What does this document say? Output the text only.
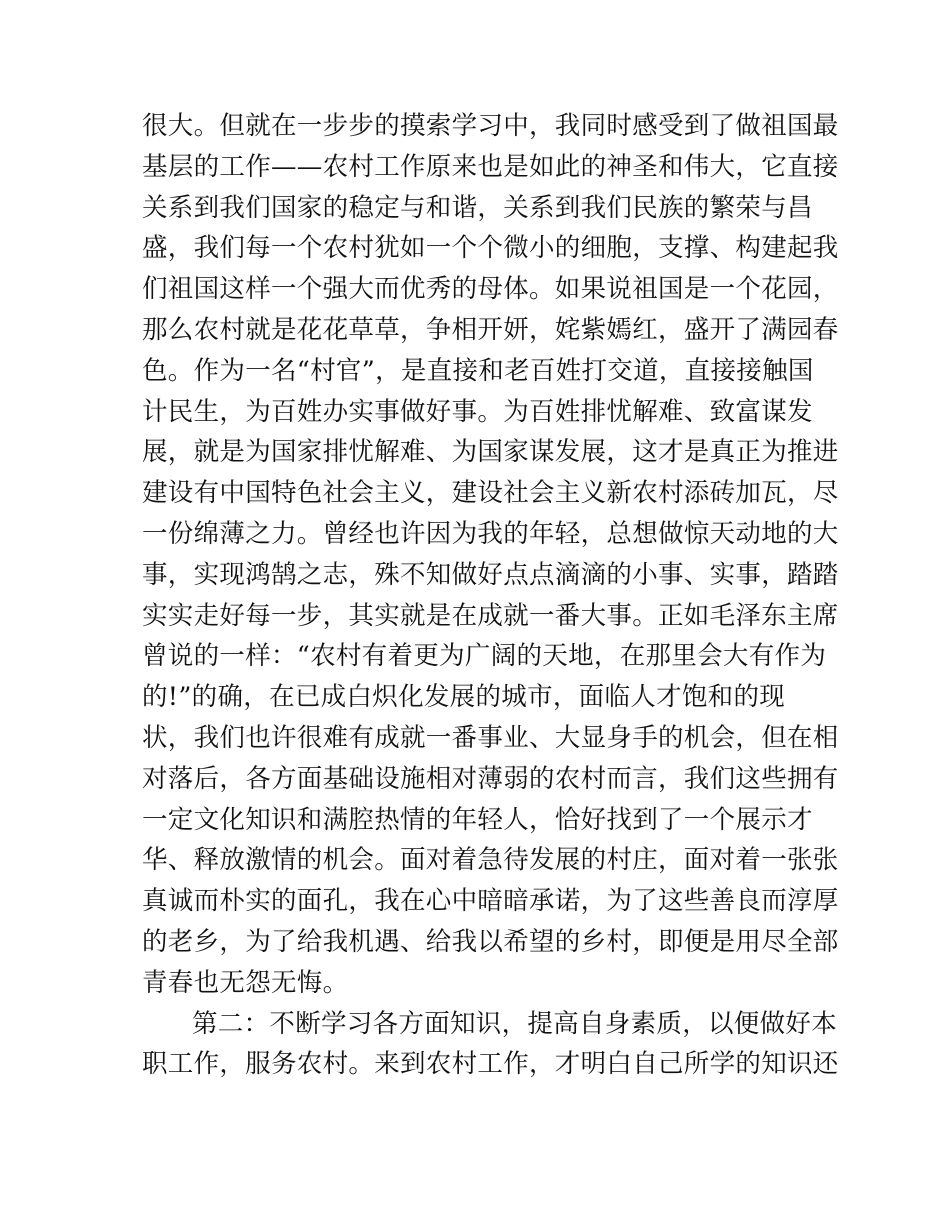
很大。但就在一步步的摸索学习中，我同时感受到了做祖国最
基层的工作——农村工作原来也是如此的神圣和伟大，它直接
关系到我们国家的稳定与和谐，关系到我们民族的繁荣与昌
盛，我们每一个农村犹如一个个微小的细胞，支撑、构建起我
们祖国这样一个强大而优秀的母体。如果说祖国是一个花园，
那么农村就是花花草草，争相开妍，姹紫嫣红，盛开了满园春
色。作为一名“村官”，是直接和老百姓打交道，直接接触国
计民生，为百姓办实事做好事。为百姓排忧解难、致富谋发
展，就是为国家排忧解难、为国家谋发展，这才是真正为推进
建设有中国特色社会主义，建设社会主义新农村添砖加瓦，尽
一份绵薄之力。曾经也许因为我的年轻，总想做惊天动地的大
事，实现鸿鹄之志，殊不知做好点点滴滴的小事、实事，踏踏
实实走好每一步，其实就是在成就一番大事。正如毛泽东主席
曾说的一样：“农村有着更为广阔的天地，在那里会大有作为
的!”的确，在已成白炽化发展的城市，面临人才饱和的现
状，我们也许很难有成就一番事业、大显身手的机会，但在相
对落后，各方面基础设施相对薄弱的农村而言，我们这些拥有
一定文化知识和满腔热情的年轻人，恰好找到了一个展示才
华、释放激情的机会。面对着急待发展的村庄，面对着一张张
真诚而朴实的面孔，我在心中暗暗承诺，为了这些善良而淳厚
的老乡，为了给我机遇、给我以希望的乡村，即便是用尽全部
青春也无怨无悔。
第二：不断学习各方面知识，提高自身素质，以便做好本
职工作，服务农村。来到农村工作，才明白自己所学的知识还
